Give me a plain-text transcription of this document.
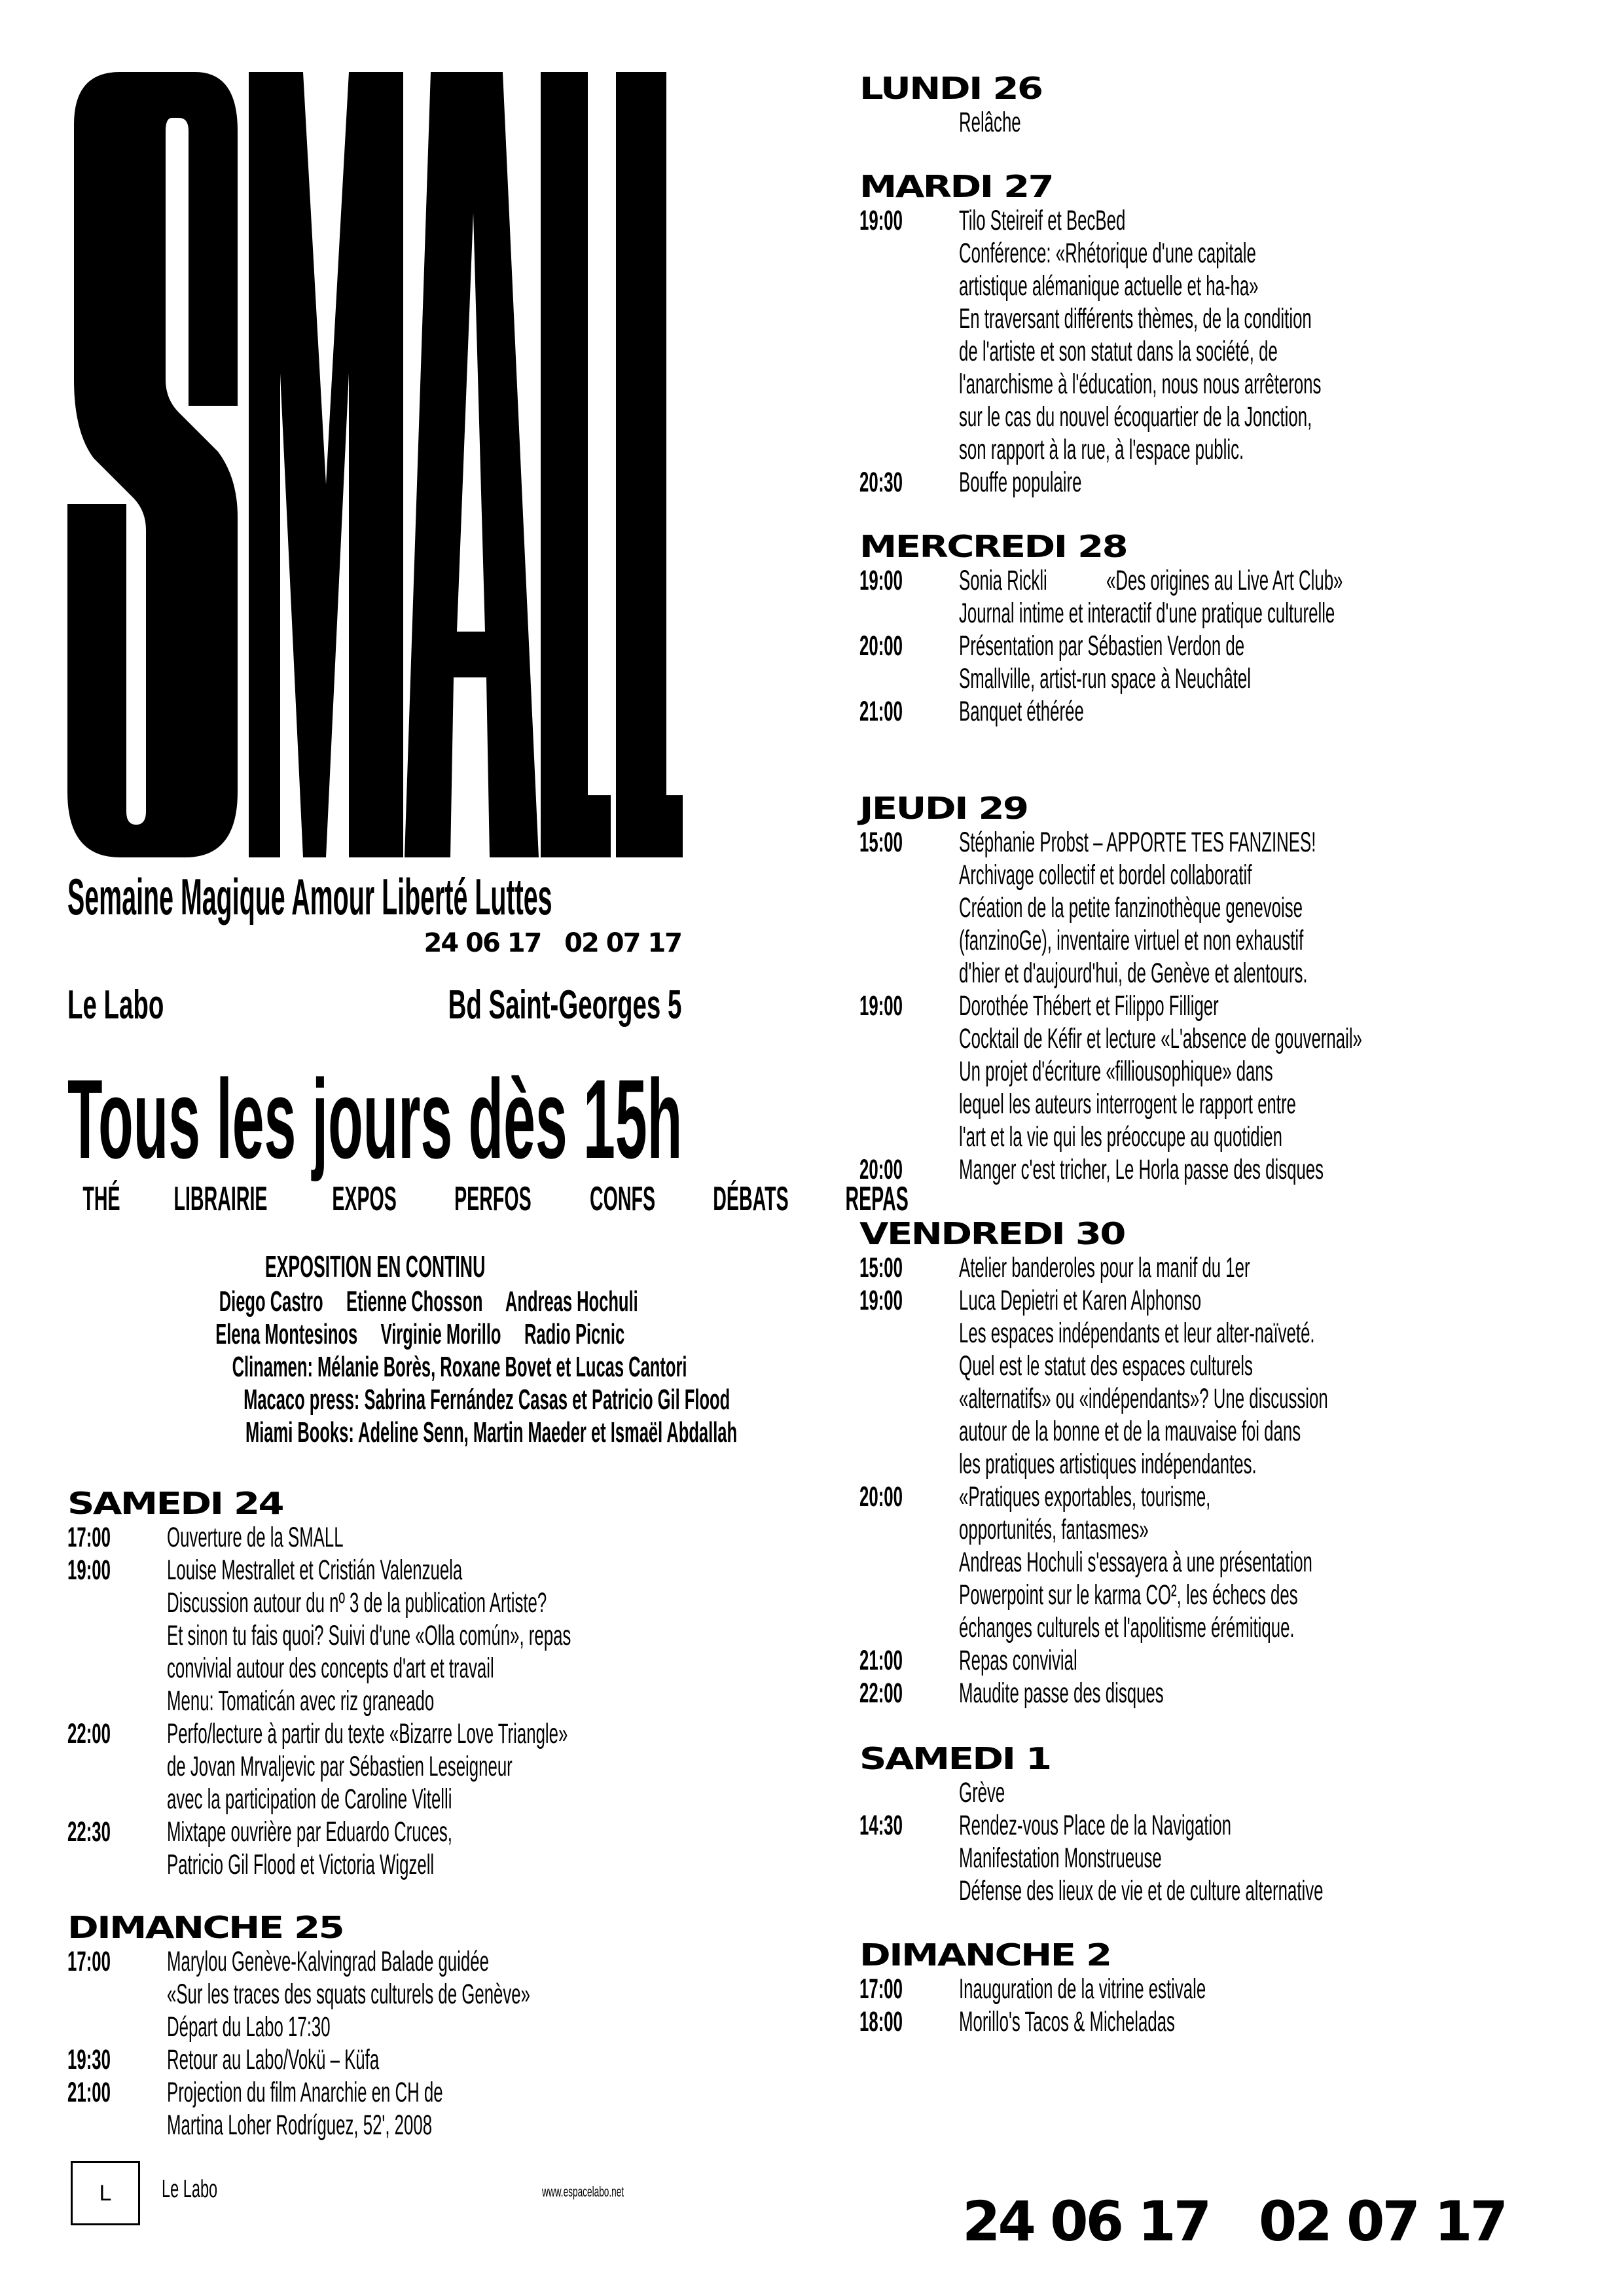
Yann le Floc'h
Semaine Magique Amour Liberté Luttes
24 06 17   02 07 17
Le Labo	Bd Saint-Georges 5
Tous les jours dès 15h
THÉ LIBRAIRIE EXPOS PERFOS CONFS DÉBATS REPAS
EXPOSITION EN CONTINU
Diego Castro     Etienne Chosson     Andreas Hochuli
Elena Montesinos     Virginie Morillo     Radio Picnic
Clinamen: Mélanie Borès, Roxane Bovet et Lucas Cantori
Macaco press: Sabrina Fernández Casas et Patricio Gil Flood
Miami Books: Adeline Senn, Martin Maeder et Ismaël Abdallah
SAMEDI 24
17:00	Ouverture de la SMALL
19:00	Louise Mestrallet et Cristián ValenzuelaDiscussion autour du nº 3 de la publication Artiste?Et sinon tu fais quoi? Suivi d'une «Olla común», repasconvivial autour des concepts d'art et travailMenu: Tomaticán avec riz graneado
22:00	Perfo/lecture à partir du texte «Bizarre Love Triangle»de Jovan Mrvaljevic par Sébastien Leseigneuravec la participation de Caroline Vitelli
22:30	Mixtape ouvrière par Eduardo Cruces,Patricio Gil Flood et Victoria Wigzell
DIMANCHE 25
17:00	Marylou Genève-Kalvingrad Balade guidée«Sur les traces des squats culturels de Genève»Départ du Labo 17:30
19:30	Retour au Labo/Vokü – Küfa
21:00	Projection du film Anarchie en CH deMartina Loher Rodríguez, 52', 2008
LUNDI 26
Relâche
MARDI 27
19:00	Tilo Steireif et BecBedConférence: «Rhétorique d'une capitaleartistique alémanique actuelle et ha-ha»En traversant différents thèmes, de la conditionde l'artiste et son statut dans la société, del'anarchisme à l'éducation, nous nous arrêteronssur le cas du nouvel écoquartier de la Jonction,son rapport à la rue, à l'espace public.
20:30	Bouffe populaire
MERCREDI 28
19:00	Sonia Rickli «Des origines au Live Art Club»Journal intime et interactif d'une pratique culturelle
20:00	Présentation par Sébastien Verdon deSmallville, artist-run space à Neuchâtel
21:00	Banquet éthérée
JEUDI 29
15:00	Stéphanie Probst – APPORTE TES FANZINES!Archivage collectif et bordel collaboratifCréation de la petite fanzinothèque genevoise(fanzinoGe), inventaire virtuel et non exhaustifd'hier et d'aujourd'hui, de Genève et alentours.
19:00	Dorothée Thébert et Filippo FilligerCocktail de Kéfir et lecture «L'absence de gouvernail»Un projet d'écriture «filliousophique» danslequel les auteurs interrogent le rapport entrel'art et la vie qui les préoccupe au quotidien
20:00	Manger c'est tricher, Le Horla passe des disques
VENDREDI 30
15:00	Atelier banderoles pour la manif du 1er
19:00	Luca Depietri et Karen AlphonsoLes espaces indépendants et leur alter-naïveté.Quel est le statut des espaces culturels«alternatifs» ou «indépendants»? Une discussionautour de la bonne et de la mauvaise foi dansles pratiques artistiques indépendantes.
20:00	«Pratiques exportables, tourisme,opportunités, fantasmes»Andreas Hochuli s'essayera à une présentationPowerpoint sur le karma CO², les échecs deséchanges culturels et l'apolitisme érémitique.
21:00	Repas convivial
22:00	Maudite passe des disques
SAMEDI 1
Grève
14:30	Rendez-vous Place de la NavigationManifestation MonstrueuseDéfense des lieux de vie et de culture alternative
DIMANCHE 2
17:00	Inauguration de la vitrine estivale
18:00	Morillo's Tacos & Micheladas
L Le Labo	www.espacelabo.net	24 06 17   02 07 17
